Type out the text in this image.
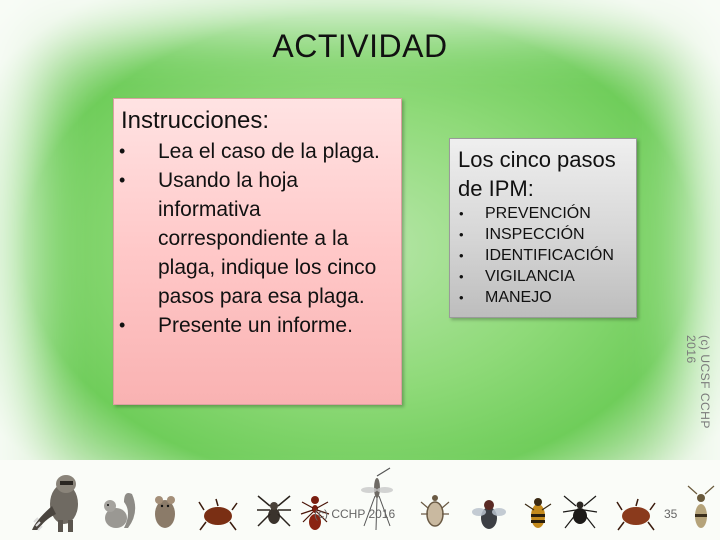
ACTIVIDAD
Instrucciones:
• Lea el caso de la plaga.
• Usando la hoja informativa correspondiente a la plaga, indique los cinco pasos para esa plaga.
• Presente un informe.
Los cinco pasos de IPM:
• PREVENCIÓN
• INSPECCIÓN
• IDENTIFICACIÓN
• VIGILANCIA
• MANEJO
(c) UCSF CCHP 2016
(c) CCHP 2016	35
